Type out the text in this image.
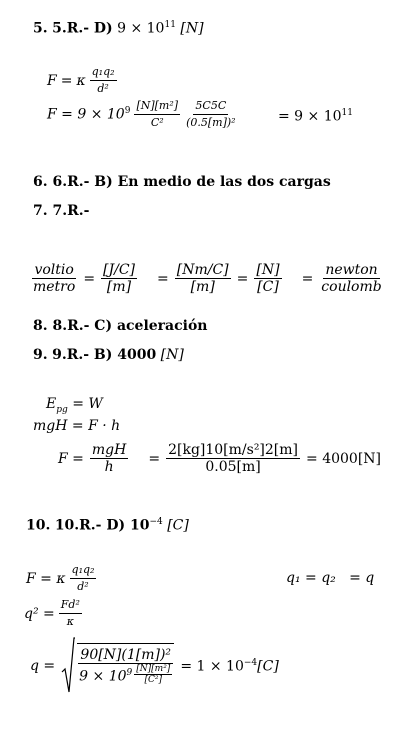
5. 5.R.- D) $9 \times 10^{11}$ [N]
F = κ $\frac{\text{q₁q₂}}{\text{d²}}$
$F = 9 \times 10^9 \frac{\text{[N][m²]}}{\text{C²}} \frac{5C5C}{\text{(0.5[m])²}}$	= $9 \times 10^{11}$
6. 6.R.- B) En medio de las dos cargas
7. 7.R.-
$\frac{\text{voltio}}{\text{metro}} = \frac{[J/C]}{[m]} = \frac{[Nm/C]}{[m]} = \frac{[N]}{[C]} = \frac{\text{newton}}{\text{coulomb}}$
8. 8.R.- C) aceleración
9. 9.R.- B) 4000 [N]
$E_{pg} = W$
mgH = F · h
$F = \frac{\text{mgH}}{h} = \frac{\text{2[kg]10[m/s²]2[m]}}{0.05[m]} = 4000[N]$
10. 10.R.- D) $10^{-4}$ [C]
F = κ $\frac{\text{q₁q₂}}{\text{d²}}$	q₁ = q₂   = q
$q^2 = \frac{\text{Fd²}}{\kappa}$
$q = \frac{\text{90[N](1[m])²}}{9 \times 10^9 \frac{\text{[N][m²]}}{\text{[C²]}}} = 1 \times 10^{-4}[C]$
